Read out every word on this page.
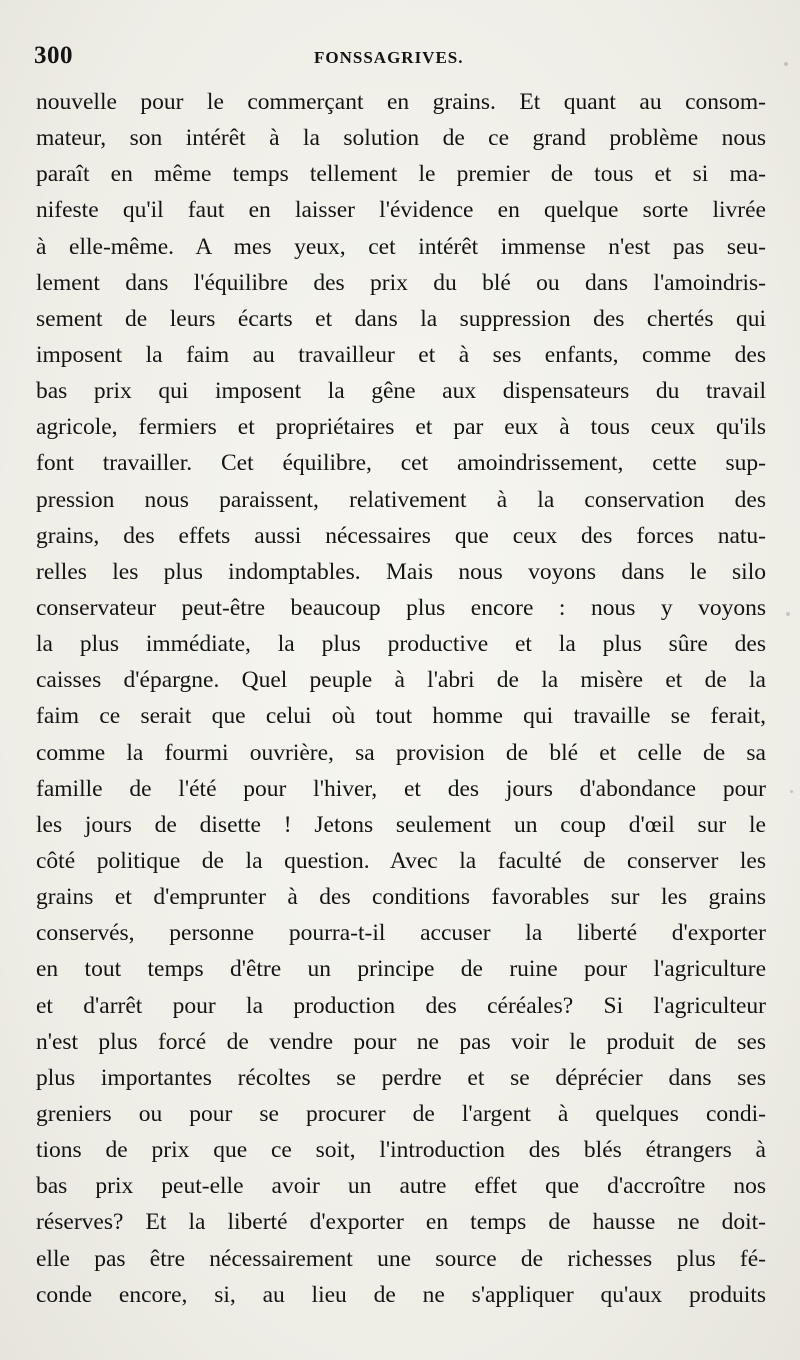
300	FONSSAGRIVES.
nouvelle pour le commerçant en grains. Et quant au consom-
mateur, son intérêt à la solution de ce grand problème nous
paraît en même temps tellement le premier de tous et si ma-
nifeste qu'il faut en laisser l'évidence en quelque sorte livrée
à elle-même. A mes yeux, cet intérêt immense n'est pas seu-
lement dans l'équilibre des prix du blé ou dans l'amoindris-
sement de leurs écarts et dans la suppression des chertés qui
imposent la faim au travailleur et à ses enfants, comme des
bas prix qui imposent la gêne aux dispensateurs du travail
agricole, fermiers et propriétaires et par eux à tous ceux qu'ils
font travailler. Cet équilibre, cet amoindrissement, cette sup-
pression nous paraissent, relativement à la conservation des
grains, des effets aussi nécessaires que ceux des forces natu-
relles les plus indomptables. Mais nous voyons dans le silo
conservateur peut-être beaucoup plus encore : nous y voyons
la plus immédiate, la plus productive et la plus sûre des
caisses d'épargne. Quel peuple à l'abri de la misère et de la
faim ce serait que celui où tout homme qui travaille se ferait,
comme la fourmi ouvrière, sa provision de blé et celle de sa
famille de l'été pour l'hiver, et des jours d'abondance pour
les jours de disette ! Jetons seulement un coup d'œil sur le
côté politique de la question. Avec la faculté de conserver les
grains et d'emprunter à des conditions favorables sur les grains
conservés, personne pourra-t-il accuser la liberté d'exporter
en tout temps d'être un principe de ruine pour l'agriculture
et d'arrêt pour la production des céréales? Si l'agriculteur
n'est plus forcé de vendre pour ne pas voir le produit de ses
plus importantes récoltes se perdre et se déprécier dans ses
greniers ou pour se procurer de l'argent à quelques condi-
tions de prix que ce soit, l'introduction des blés étrangers à
bas prix peut-elle avoir un autre effet que d'accroître nos
réserves? Et la liberté d'exporter en temps de hausse ne doit-
elle pas être nécessairement une source de richesses plus fé-
conde encore, si, au lieu de ne s'appliquer qu'aux produits
